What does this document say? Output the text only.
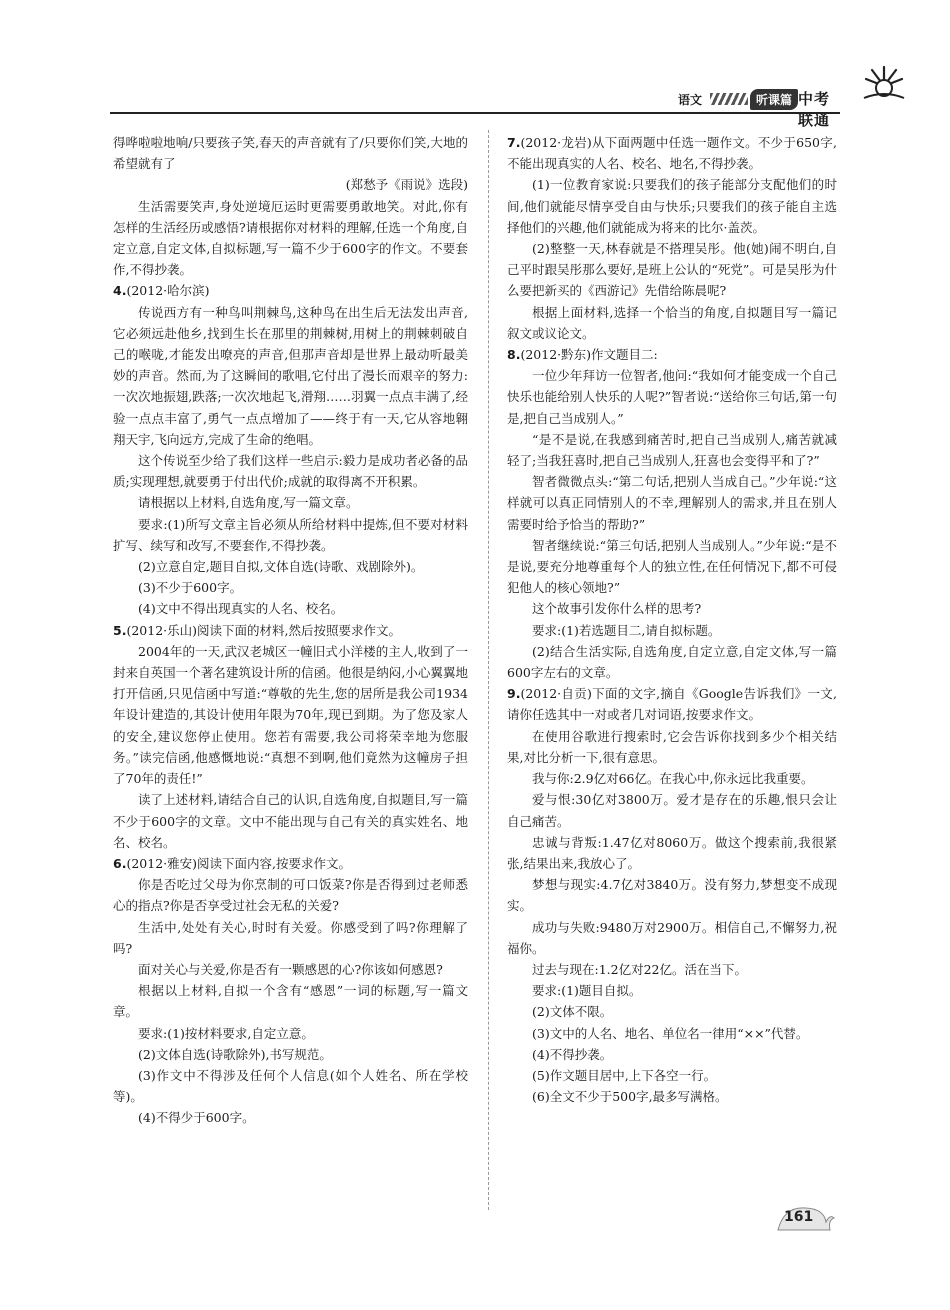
语文	听课篇 中考联通

得哗啦啦地响/只要孩子笑,春天的声音就有了/只要你们笑,大地的希望就有了

(郑愁予《雨说》选段)

生活需要笑声,身处逆境厄运时更需要勇敢地笑。对此,你有怎样的生活经历或感悟?请根据你对材料的理解,任选一个角度,自定立意,自定文体,自拟标题,写一篇不少于600字的作文。不要套作,不得抄袭。

4.(2012·哈尔滨)

传说西方有一种鸟叫荆棘鸟,这种鸟在出生后无法发出声音,它必须远赴他乡,找到生长在那里的荆棘树,用树上的荆棘刺破自己的喉咙,才能发出嘹亮的声音,但那声音却是世界上最动听最美妙的声音。然而,为了这瞬间的歌唱,它付出了漫长而艰辛的努力:一次次地振翅,跌落;一次次地起飞,滑翔……羽翼一点点丰满了,经验一点点丰富了,勇气一点点增加了——终于有一天,它从容地翱翔天宇,飞向远方,完成了生命的绝唱。

这个传说至少给了我们这样一些启示:毅力是成功者必备的品质;实现理想,就要勇于付出代价;成就的取得离不开积累。

请根据以上材料,自选角度,写一篇文章。

要求:(1)所写文章主旨必须从所给材料中提炼,但不要对材料扩写、续写和改写,不要套作,不得抄袭。

(2)立意自定,题目自拟,文体自选(诗歌、戏剧除外)。

(3)不少于600字。

(4)文中不得出现真实的人名、校名。

5.(2012·乐山)阅读下面的材料,然后按照要求作文。

2004年的一天,武汉老城区一幢旧式小洋楼的主人,收到了一封来自英国一个著名建筑设计所的信函。他很是纳闷,小心翼翼地打开信函,只见信函中写道:“尊敬的先生,您的居所是我公司1934年设计建造的,其设计使用年限为70年,现已到期。为了您及家人的安全,建议您停止使用。您若有需要,我公司将荣幸地为您服务。”读完信函,他感慨地说:“真想不到啊,他们竟然为这幢房子担了70年的责任!”

读了上述材料,请结合自己的认识,自选角度,自拟题目,写一篇不少于600字的文章。文中不能出现与自己有关的真实姓名、地名、校名。

6.(2012·雅安)阅读下面内容,按要求作文。

你是否吃过父母为你烹制的可口饭菜?你是否得到过老师悉心的指点?你是否享受过社会无私的关爱?

生活中,处处有关心,时时有关爱。你感受到了吗?你理解了吗?

面对关心与关爱,你是否有一颗感恩的心?你该如何感恩?

根据以上材料,自拟一个含有“感恩”一词的标题,写一篇文章。

要求:(1)按材料要求,自定立意。

(2)文体自选(诗歌除外),书写规范。

(3)作文中不得涉及任何个人信息(如个人姓名、所在学校等)。

(4)不得少于600字。

7.(2012·龙岩)从下面两题中任选一题作文。不少于650字,不能出现真实的人名、校名、地名,不得抄袭。

(1)一位教育家说:只要我们的孩子能部分支配他们的时间,他们就能尽情享受自由与快乐;只要我们的孩子能自主选择他们的兴趣,他们就能成为将来的比尔·盖茨。

(2)整整一天,林春就是不搭理吴彤。他(她)闹不明白,自己平时跟吴彤那么要好,是班上公认的“死党”。可是吴彤为什么要把新买的《西游记》先借给陈晨呢?

根据上面材料,选择一个恰当的角度,自拟题目写一篇记叙文或议论文。

8.(2012·黔东)作文题目二:

一位少年拜访一位智者,他问:“我如何才能变成一个自己快乐也能给别人快乐的人呢?”智者说:“送给你三句话,第一句是,把自己当成别人。”

“是不是说,在我感到痛苦时,把自己当成别人,痛苦就减轻了;当我狂喜时,把自己当成别人,狂喜也会变得平和了?”

智者微微点头:“第二句话,把别人当成自己。”少年说:“这样就可以真正同情别人的不幸,理解别人的需求,并且在别人需要时给予恰当的帮助?”

智者继续说:“第三句话,把别人当成别人。”少年说:“是不是说,要充分地尊重每个人的独立性,在任何情况下,都不可侵犯他人的核心领地?”

这个故事引发你什么样的思考?

要求:(1)若选题目二,请自拟标题。

(2)结合生活实际,自选角度,自定立意,自定文体,写一篇600字左右的文章。

9.(2012·自贡)下面的文字,摘自《Google告诉我们》一文,请你任选其中一对或者几对词语,按要求作文。

在使用谷歌进行搜索时,它会告诉你找到多少个相关结果,对比分析一下,很有意思。

我与你:2.9亿对66亿。在我心中,你永远比我重要。

爱与恨:30亿对3800万。爱才是存在的乐趣,恨只会让自己痛苦。

忠诚与背叛:1.47亿对8060万。做这个搜索前,我很紧张,结果出来,我放心了。

梦想与现实:4.7亿对3840万。没有努力,梦想变不成现实。

成功与失败:9480万对2900万。相信自己,不懈努力,祝福你。

过去与现在:1.2亿对22亿。活在当下。

要求:(1)题目自拟。

(2)文体不限。

(3)文中的人名、地名、单位名一律用“××”代替。

(4)不得抄袭。

(5)作文题目居中,上下各空一行。

(6)全文不少于500字,最多写满格。

161
